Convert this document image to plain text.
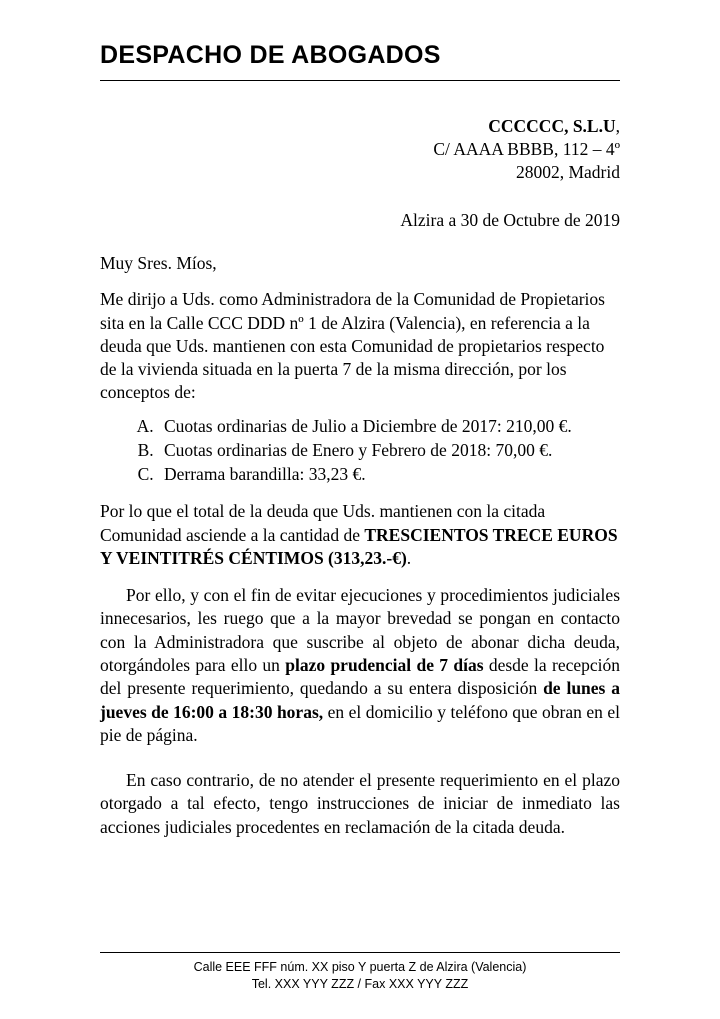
DESPACHO DE ABOGADOS
CCCCCC, S.L.U,
C/ AAAA BBBB, 112 – 4º
28002, Madrid
Alzira a 30 de Octubre de 2019
Muy Sres. Míos,

Me dirijo a Uds. como Administradora de la Comunidad de Propietarios sita en la Calle CCC DDD nº 1 de Alzira (Valencia), en referencia a la deuda que Uds. mantienen con esta Comunidad de propietarios respecto de la vivienda situada en la puerta 7 de la misma dirección, por los conceptos de:

A. Cuotas ordinarias de Julio a Diciembre de 2017: 210,00 €.
B. Cuotas ordinarias de Enero y Febrero de 2018: 70,00 €.
C. Derrama barandilla: 33,23 €.

Por lo que el total de la deuda que Uds. mantienen con la citada Comunidad asciende a la cantidad de TRESCIENTOS TRECE EUROS Y VEINTITRÉS CÉNTIMOS (313,23.-€).

Por ello, y con el fin de evitar ejecuciones y procedimientos judiciales innecesarios, les ruego que a la mayor brevedad se pongan en contacto con la Administradora que suscribe al objeto de abonar dicha deuda, otorgándoles para ello un plazo prudencial de 7 días desde la recepción del presente requerimiento, quedando a su entera disposición de lunes a jueves de 16:00 a 18:30 horas, en el domicilio y teléfono que obran en el pie de página.

En caso contrario, de no atender el presente requerimiento en el plazo otorgado a tal efecto, tengo instrucciones de iniciar de inmediato las acciones judiciales procedentes en reclamación de la citada deuda.

Calle EEE FFF núm. XX piso Y puerta Z de Alzira (Valencia)
Tel. XXX YYY ZZZ / Fax XXX YYY ZZZ
